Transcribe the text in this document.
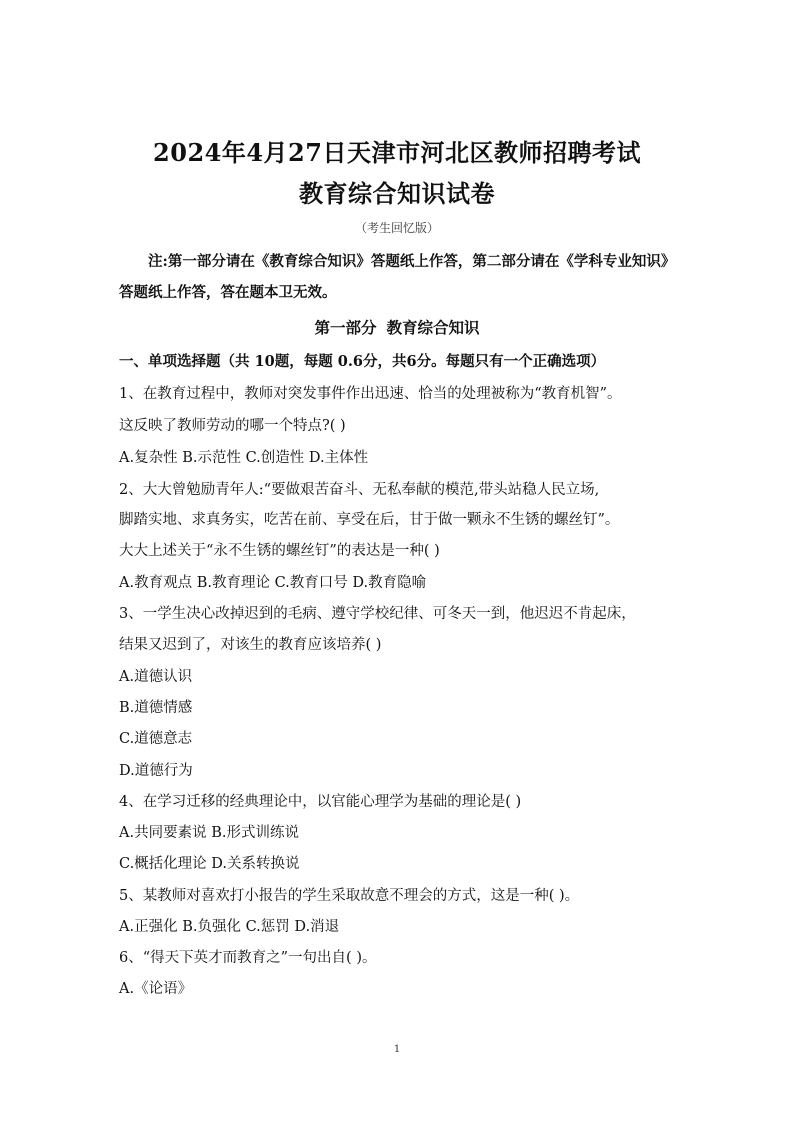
2024年4月27日天津市河北区教师招聘考试
教育综合知识试卷
（考生回忆版）
注:第一部分请在《教育综合知识》答题纸上作答，第二部分请在《学科专业知识》答题纸上作答，答在题本卫无效。
第一部分 教育综合知识
一、单项选择题（共 10题，每题 0.6分，共6分。每题只有一个正确选项）
1、在教育过程中，教师对突发事件作出迅速、恰当的处理被称为“教育机智”。
这反映了教师劳动的哪一个特点?( )
A.复杂性 B.示范性 C.创造性 D.主体性
2、大大曾勉励青年人:“要做艰苦奋斗、无私奉献的模范,带头站稳人民立场,
脚踏实地、求真务实，吃苦在前、享受在后，甘于做一颗永不生锈的螺丝钉”。
大大上述关于“永不生锈的螺丝钉”的表达是一种( )
A.教育观点 B.教育理论 C.教育口号 D.教育隐喻
3、一学生决心改掉迟到的毛病、遵守学校纪律、可冬天一到，他迟迟不肯起床，
结果又迟到了，对该生的教育应该培养( )
A.道德认识
B.道德情感
C.道德意志
D.道德行为
4、在学习迁移的经典理论中，以官能心理学为基础的理论是( )
A.共同要素说 B.形式训练说
C.概括化理论 D.关系转换说
5、某教师对喜欢打小报告的学生采取故意不理会的方式，这是一种( )。
A.正强化 B.负强化 C.惩罚 D.消退
6、“得天下英才而教育之”一句出自( )。
A.《论语》
1
